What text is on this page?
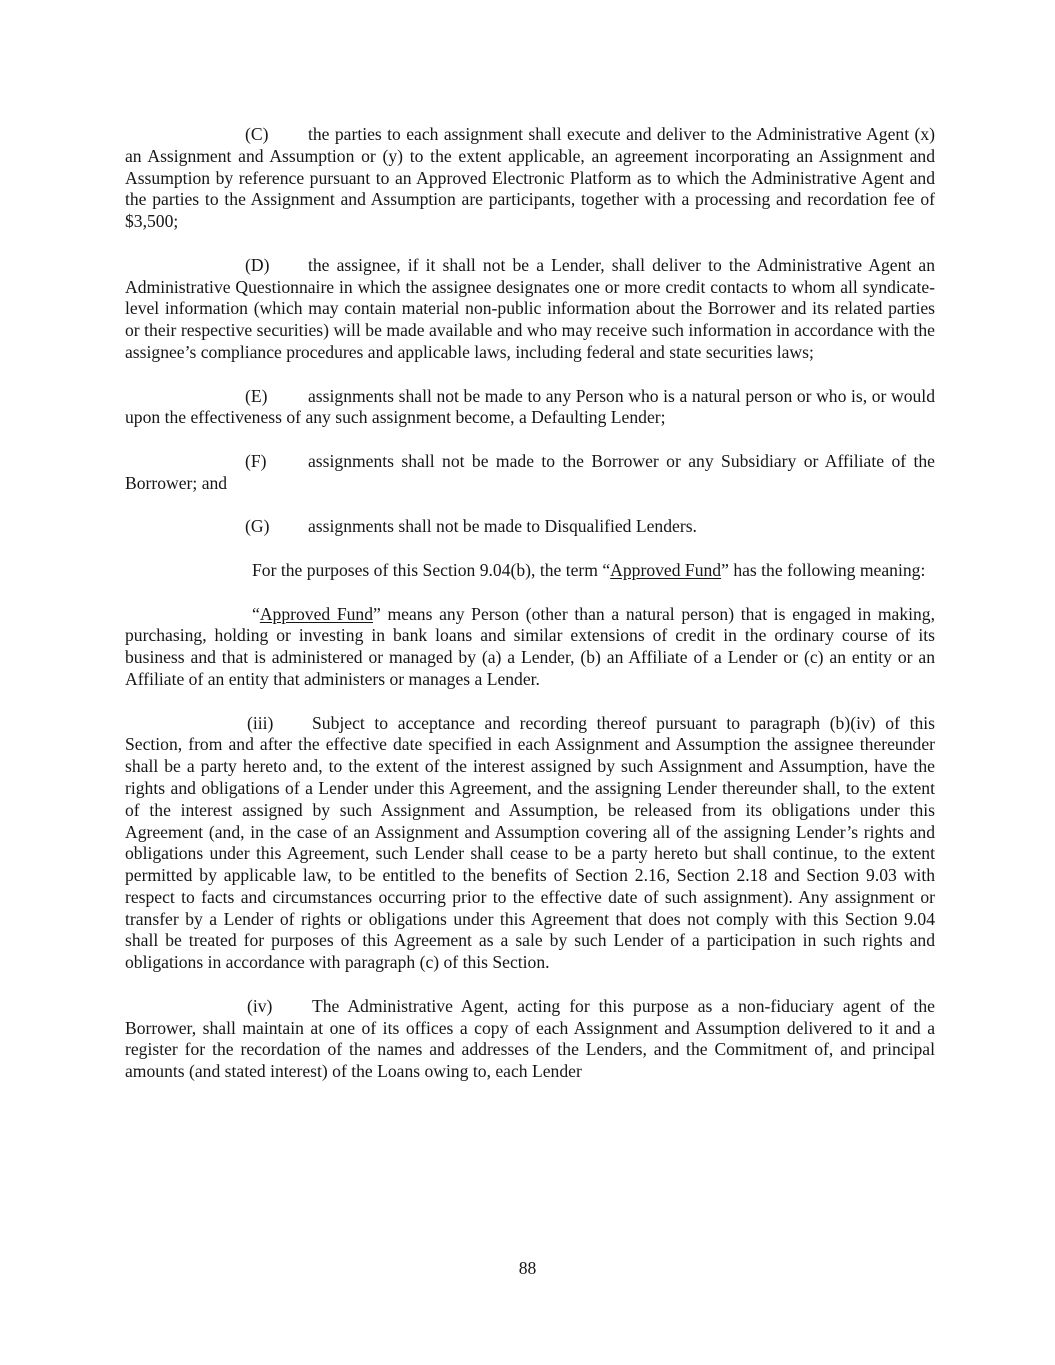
(C) the parties to each assignment shall execute and deliver to the Administrative Agent (x) an Assignment and Assumption or (y) to the extent applicable, an agreement incorporating an Assignment and Assumption by reference pursuant to an Approved Electronic Platform as to which the Administrative Agent and the parties to the Assignment and Assumption are participants, together with a processing and recordation fee of $3,500;

(D) the assignee, if it shall not be a Lender, shall deliver to the Administrative Agent an Administrative Questionnaire in which the assignee designates one or more credit contacts to whom all syndicate-level information (which may contain material non-public information about the Borrower and its related parties or their respective securities) will be made available and who may receive such information in accordance with the assignee’s compliance procedures and applicable laws, including federal and state securities laws;

(E) assignments shall not be made to any Person who is a natural person or who is, or would upon the effectiveness of any such assignment become, a Defaulting Lender;

(F) assignments shall not be made to the Borrower or any Subsidiary or Affiliate of the Borrower; and

(G) assignments shall not be made to Disqualified Lenders.

For the purposes of this Section 9.04(b), the term “Approved Fund” has the following meaning:

“Approved Fund” means any Person (other than a natural person) that is engaged in making, purchasing, holding or investing in bank loans and similar extensions of credit in the ordinary course of its business and that is administered or managed by (a) a Lender, (b) an Affiliate of a Lender or (c) an entity or an Affiliate of an entity that administers or manages a Lender.

(iii) Subject to acceptance and recording thereof pursuant to paragraph (b)(iv) of this Section, from and after the effective date specified in each Assignment and Assumption the assignee thereunder shall be a party hereto and, to the extent of the interest assigned by such Assignment and Assumption, have the rights and obligations of a Lender under this Agreement, and the assigning Lender thereunder shall, to the extent of the interest assigned by such Assignment and Assumption, be released from its obligations under this Agreement (and, in the case of an Assignment and Assumption covering all of the assigning Lender’s rights and obligations under this Agreement, such Lender shall cease to be a party hereto but shall continue, to the extent permitted by applicable law, to be entitled to the benefits of Section 2.16, Section 2.18 and Section 9.03 with respect to facts and circumstances occurring prior to the effective date of such assignment). Any assignment or transfer by a Lender of rights or obligations under this Agreement that does not comply with this Section 9.04 shall be treated for purposes of this Agreement as a sale by such Lender of a participation in such rights and obligations in accordance with paragraph (c) of this Section.

(iv) The Administrative Agent, acting for this purpose as a non-fiduciary agent of the Borrower, shall maintain at one of its offices a copy of each Assignment and Assumption delivered to it and a register for the recordation of the names and addresses of the Lenders, and the Commitment of, and principal amounts (and stated interest) of the Loans owing to, each Lender

88
